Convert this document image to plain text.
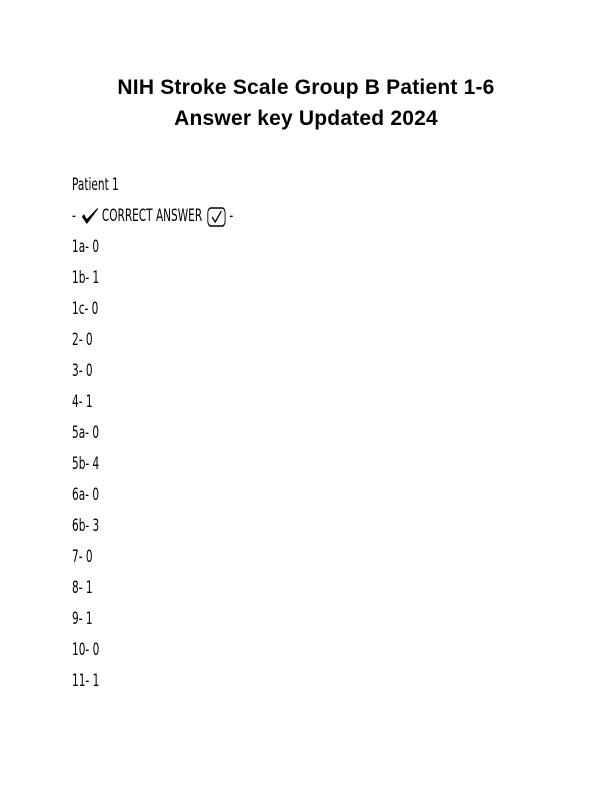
NIH Stroke Scale Group B Patient 1-6
Answer key Updated 2024
Patient 1
- CORRECT ANSWER -
1a- 0
1b- 1
1c- 0
2- 0
3- 0
4- 1
5a- 0
5b- 4
6a- 0
6b- 3
7- 0
8- 1
9- 1
10- 0
11- 1
